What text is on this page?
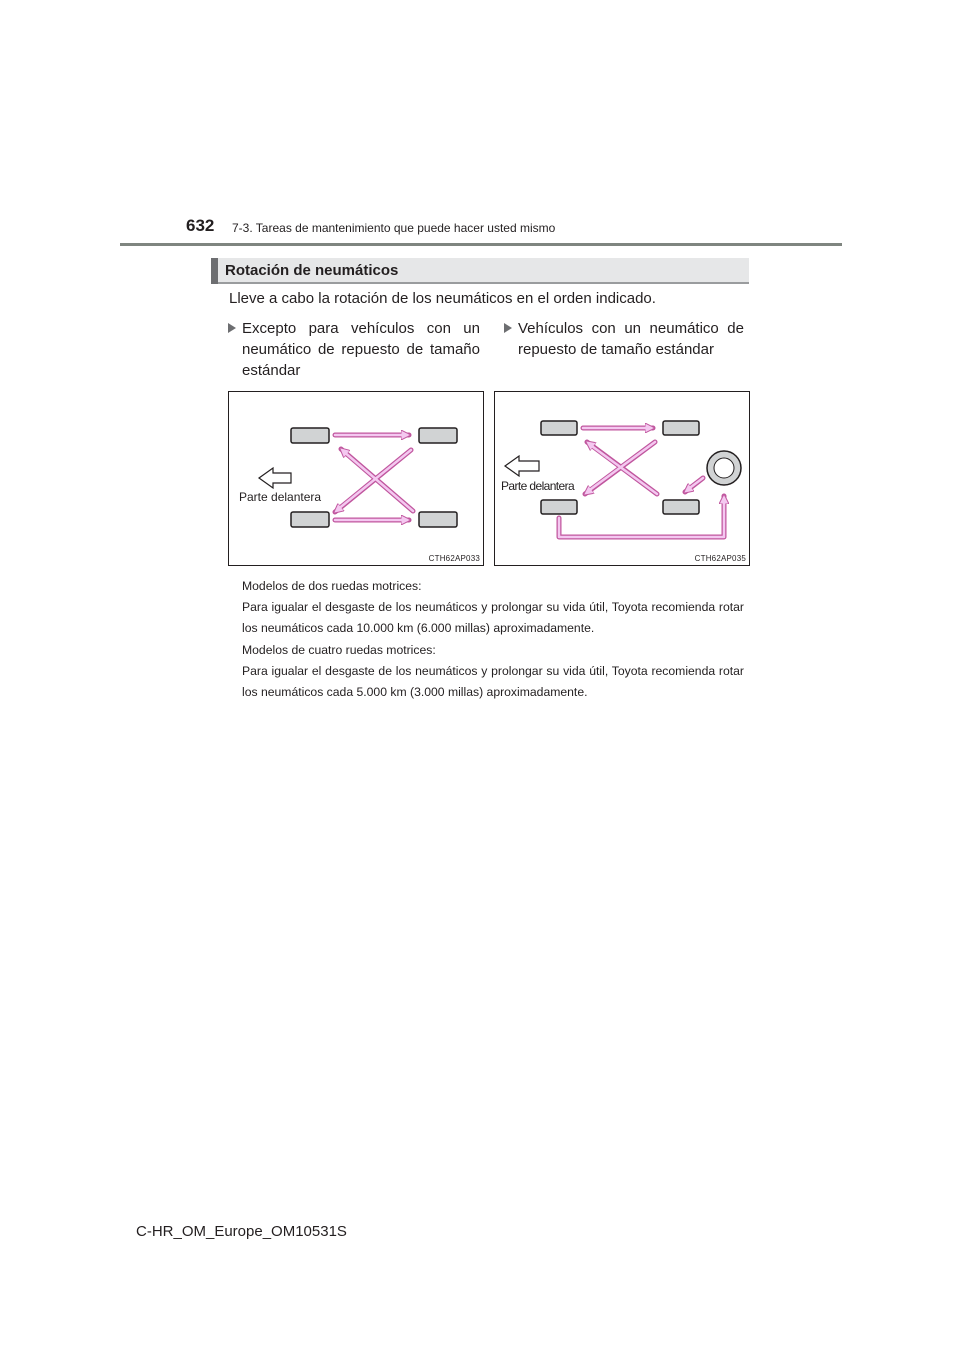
632 7-3. Tareas de mantenimiento que puede hacer usted mismo
Rotación de neumáticos
Lleve a cabo la rotación de los neumáticos en el orden indicado.
Excepto para vehículos con un neumático de repuesto de tamaño estándar
Vehículos con un neumático de repuesto de tamaño estándar
Parte delantera
CTH62AP033
Parte delantera
CTH62AP035
Modelos de dos ruedas motrices:
Para igualar el desgaste de los neumáticos y prolongar su vida útil, Toyota recomienda rotar los neumáticos cada 10.000 km (6.000 millas) aproximadamente.
Modelos de cuatro ruedas motrices:
Para igualar el desgaste de los neumáticos y prolongar su vida útil, Toyota recomienda rotar los neumáticos cada 5.000 km (3.000 millas) aproximadamente.
C-HR_OM_Europe_OM10531S
